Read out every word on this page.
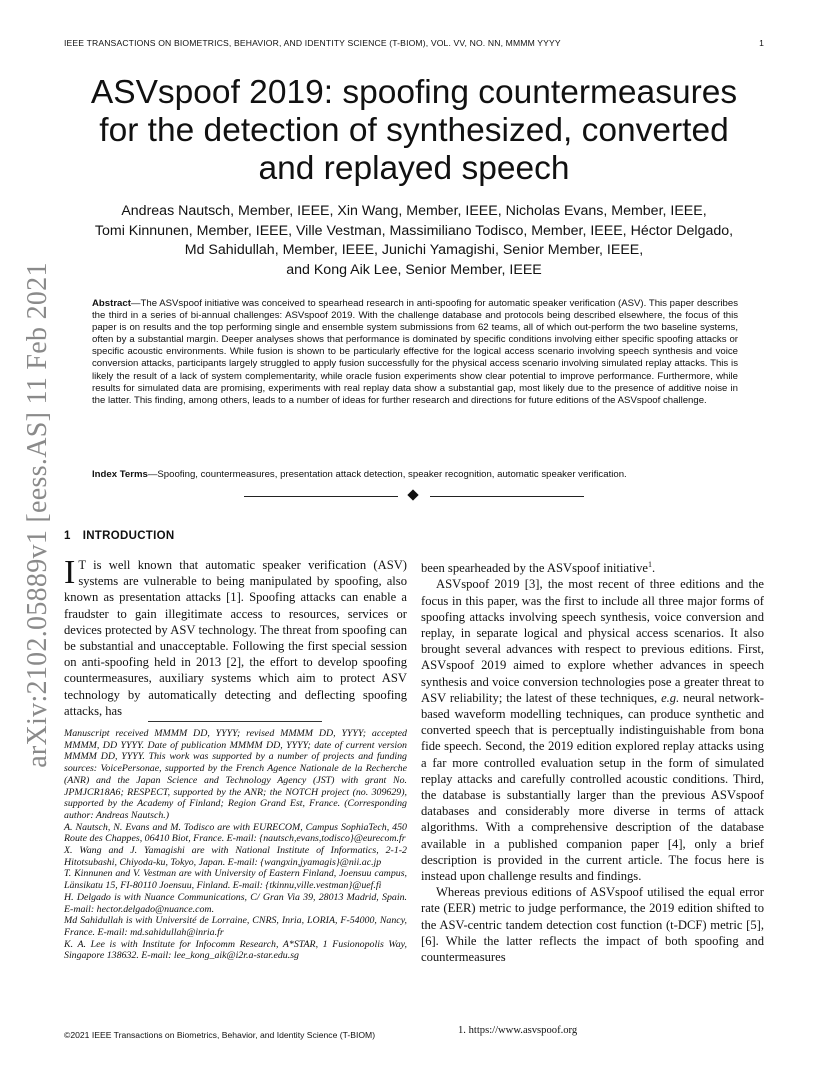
IEEE TRANSACTIONS ON BIOMETRICS, BEHAVIOR, AND IDENTITY SCIENCE (T-BIOM), VOL. VV, NO. NN, MMMM YYYY	1
arXiv:2102.05889v1 [eess.AS] 11 Feb 2021
ASVspoof 2019: spoofing countermeasures
for the detection of synthesized, converted
and replayed speech
Andreas Nautsch, Member, IEEE, Xin Wang, Member, IEEE, Nicholas Evans, Member, IEEE,
Tomi Kinnunen, Member, IEEE, Ville Vestman, Massimiliano Todisco, Member, IEEE, Héctor Delgado,
Md Sahidullah, Member, IEEE, Junichi Yamagishi, Senior Member, IEEE,
and Kong Aik Lee, Senior Member, IEEE
Abstract—The ASVspoof initiative was conceived to spearhead research in anti-spoofing for automatic speaker verification (ASV). This paper describes the third in a series of bi-annual challenges: ASVspoof 2019. With the challenge database and protocols being described elsewhere, the focus of this paper is on results and the top performing single and ensemble system submissions from 62 teams, all of which out-perform the two baseline systems, often by a substantial margin. Deeper analyses shows that performance is dominated by specific conditions involving either specific spoofing attacks or specific acoustic environments. While fusion is shown to be particularly effective for the logical access scenario involving speech synthesis and voice conversion attacks, participants largely struggled to apply fusion successfully for the physical access scenario involving simulated replay attacks. This is likely the result of a lack of system complementarity, while oracle fusion experiments show clear potential to improve performance. Furthermore, while results for simulated data are promising, experiments with real replay data show a substantial gap, most likely due to the presence of additive noise in the latter. This finding, among others, leads to a number of ideas for further research and directions for future editions of the ASVspoof challenge.
Index Terms—Spoofing, countermeasures, presentation attack detection, speaker recognition, automatic speaker verification.
1 INTRODUCTION

I T is well known that automatic speaker verification (ASV) systems are vulnerable to being manipulated by spoofing, also known as presentation attacks [1]. Spoofing attacks can enable a fraudster to gain illegitimate access to resources, services or devices protected by ASV technology. The threat from spoofing can be substantial and unacceptable. Following the first special session on anti-spoofing held in 2013 [2], the effort to develop spoofing countermeasures, auxiliary systems which aim to protect ASV technology by automatically detecting and deflecting spoofing attacks, has

Manuscript received MMMM DD, YYYY; revised MMMM DD, YYYY; accepted MMMM, DD YYYY. Date of publication MMMM DD, YYYY; date of current version MMMM DD, YYYY. This work was supported by a number of projects and funding sources: VoicePersonae, supported by the French Agence Nationale de la Recherche (ANR) and the Japan Science and Technology Agency (JST) with grant No. JPMJCR18A6; RESPECT, supported by the ANR; the NOTCH project (no. 309629), supported by the Academy of Finland; Region Grand Est, France. (Corresponding author: Andreas Nautsch.)

A. Nautsch, N. Evans and M. Todisco are with EURECOM, Campus SophiaTech, 450 Route des Chappes, 06410 Biot, France. E-mail: {nautsch,evans,todisco}@eurecom.fr

X. Wang and J. Yamagishi are with National Institute of Informatics, 2-1-2 Hitotsubashi, Chiyoda-ku, Tokyo, Japan. E-mail: {wangxin,jyamagis}@nii.ac.jp

T. Kinnunen and V. Vestman are with University of Eastern Finland, Joensuu campus, Länsikatu 15, FI-80110 Joensuu, Finland. E-mail: {tkinnu,ville.vestman}@uef.fi

H. Delgado is with Nuance Communications, C/ Gran Via 39, 28013 Madrid, Spain. E-mail: hector.delgado@nuance.com.

Md Sahidullah is with Université de Lorraine, CNRS, Inria, LORIA, F-54000, Nancy, France. E-mail: md.sahidullah@inria.fr

K. A. Lee is with Institute for Infocomm Research, A*STAR, 1 Fusionopolis Way, Singapore 138632. E-mail: lee_kong_aik@i2r.a-star.edu.sg

been spearheaded by the ASVspoof initiative$^1$.

ASVspoof 2019 [3], the most recent of three editions and the focus in this paper, was the first to include all three major forms of spoofing attacks involving speech synthesis, voice conversion and replay, in separate logical and physical access scenarios. It also brought several advances with respect to previous editions. First, ASVspoof 2019 aimed to explore whether advances in speech synthesis and voice conversion technologies pose a greater threat to ASV reliability; the latest of these techniques, e.g. neural network-based waveform modelling techniques, can produce synthetic and converted speech that is perceptually indistinguishable from bona fide speech. Second, the 2019 edition explored replay attacks using a far more controlled evaluation setup in the form of simulated replay attacks and carefully controlled acoustic conditions. Third, the database is substantially larger than the previous ASVspoof databases and considerably more diverse in terms of attack algorithms. With a comprehensive description of the database available in a published companion paper [4], only a brief description is provided in the current article. The focus here is instead upon challenge results and findings.

Whereas previous editions of ASVspoof utilised the equal error rate (EER) metric to judge performance, the 2019 edition shifted to the ASV-centric tandem detection cost function (t-DCF) metric [5], [6]. While the latter reflects the impact of both spoofing and countermeasures

1. https://www.asvspoof.org
©2021 IEEE Transactions on Biometrics, Behavior, and Identity Science (T-BIOM)
